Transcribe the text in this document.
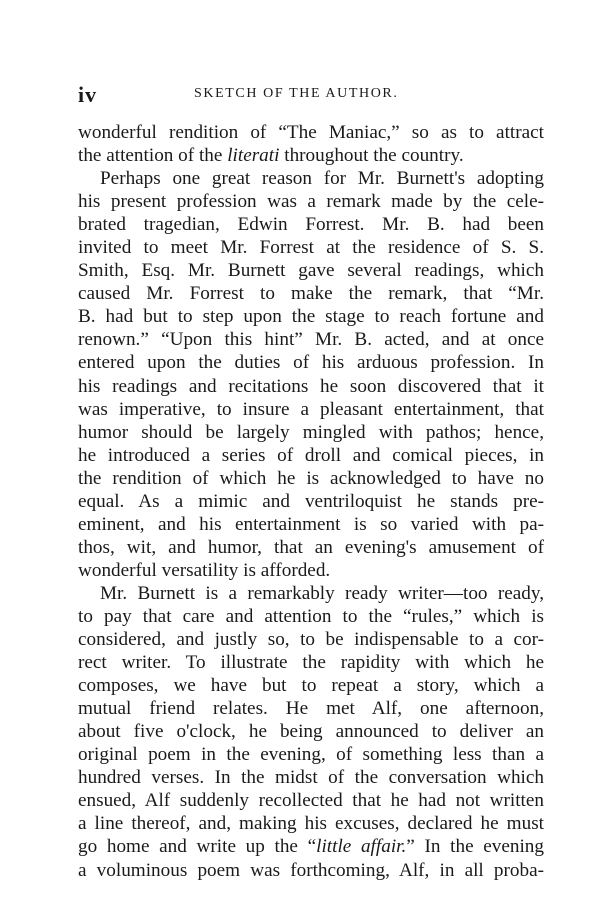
iv	SKETCH OF THE AUTHOR.
wonderful rendition of “The Maniac,” so as to attract
the attention of the literati throughout the country.
Perhaps one great reason for Mr. Burnett's adopting
his present profession was a remark made by the cele-
brated tragedian, Edwin Forrest. Mr. B. had been
invited to meet Mr. Forrest at the residence of S. S.
Smith, Esq. Mr. Burnett gave several readings, which
caused Mr. Forrest to make the remark, that “Mr.
B. had but to step upon the stage to reach fortune and
renown.” “Upon this hint” Mr. B. acted, and at once
entered upon the duties of his arduous profession. In
his readings and recitations he soon discovered that it
was imperative, to insure a pleasant entertainment, that
humor should be largely mingled with pathos; hence,
he introduced a series of droll and comical pieces, in
the rendition of which he is acknowledged to have no
equal. As a mimic and ventriloquist he stands pre-
eminent, and his entertainment is so varied with pa-
thos, wit, and humor, that an evening's amusement of
wonderful versatility is afforded.
Mr. Burnett is a remarkably ready writer—too ready,
to pay that care and attention to the “rules,” which is
considered, and justly so, to be indispensable to a cor-
rect writer. To illustrate the rapidity with which he
composes, we have but to repeat a story, which a
mutual friend relates. He met Alf, one afternoon,
about five o'clock, he being announced to deliver an
original poem in the evening, of something less than a
hundred verses. In the midst of the conversation which
ensued, Alf suddenly recollected that he had not written
a line thereof, and, making his excuses, declared he must
go home and write up the “little affair.” In the evening
a voluminous poem was forthcoming, Alf, in all proba-
